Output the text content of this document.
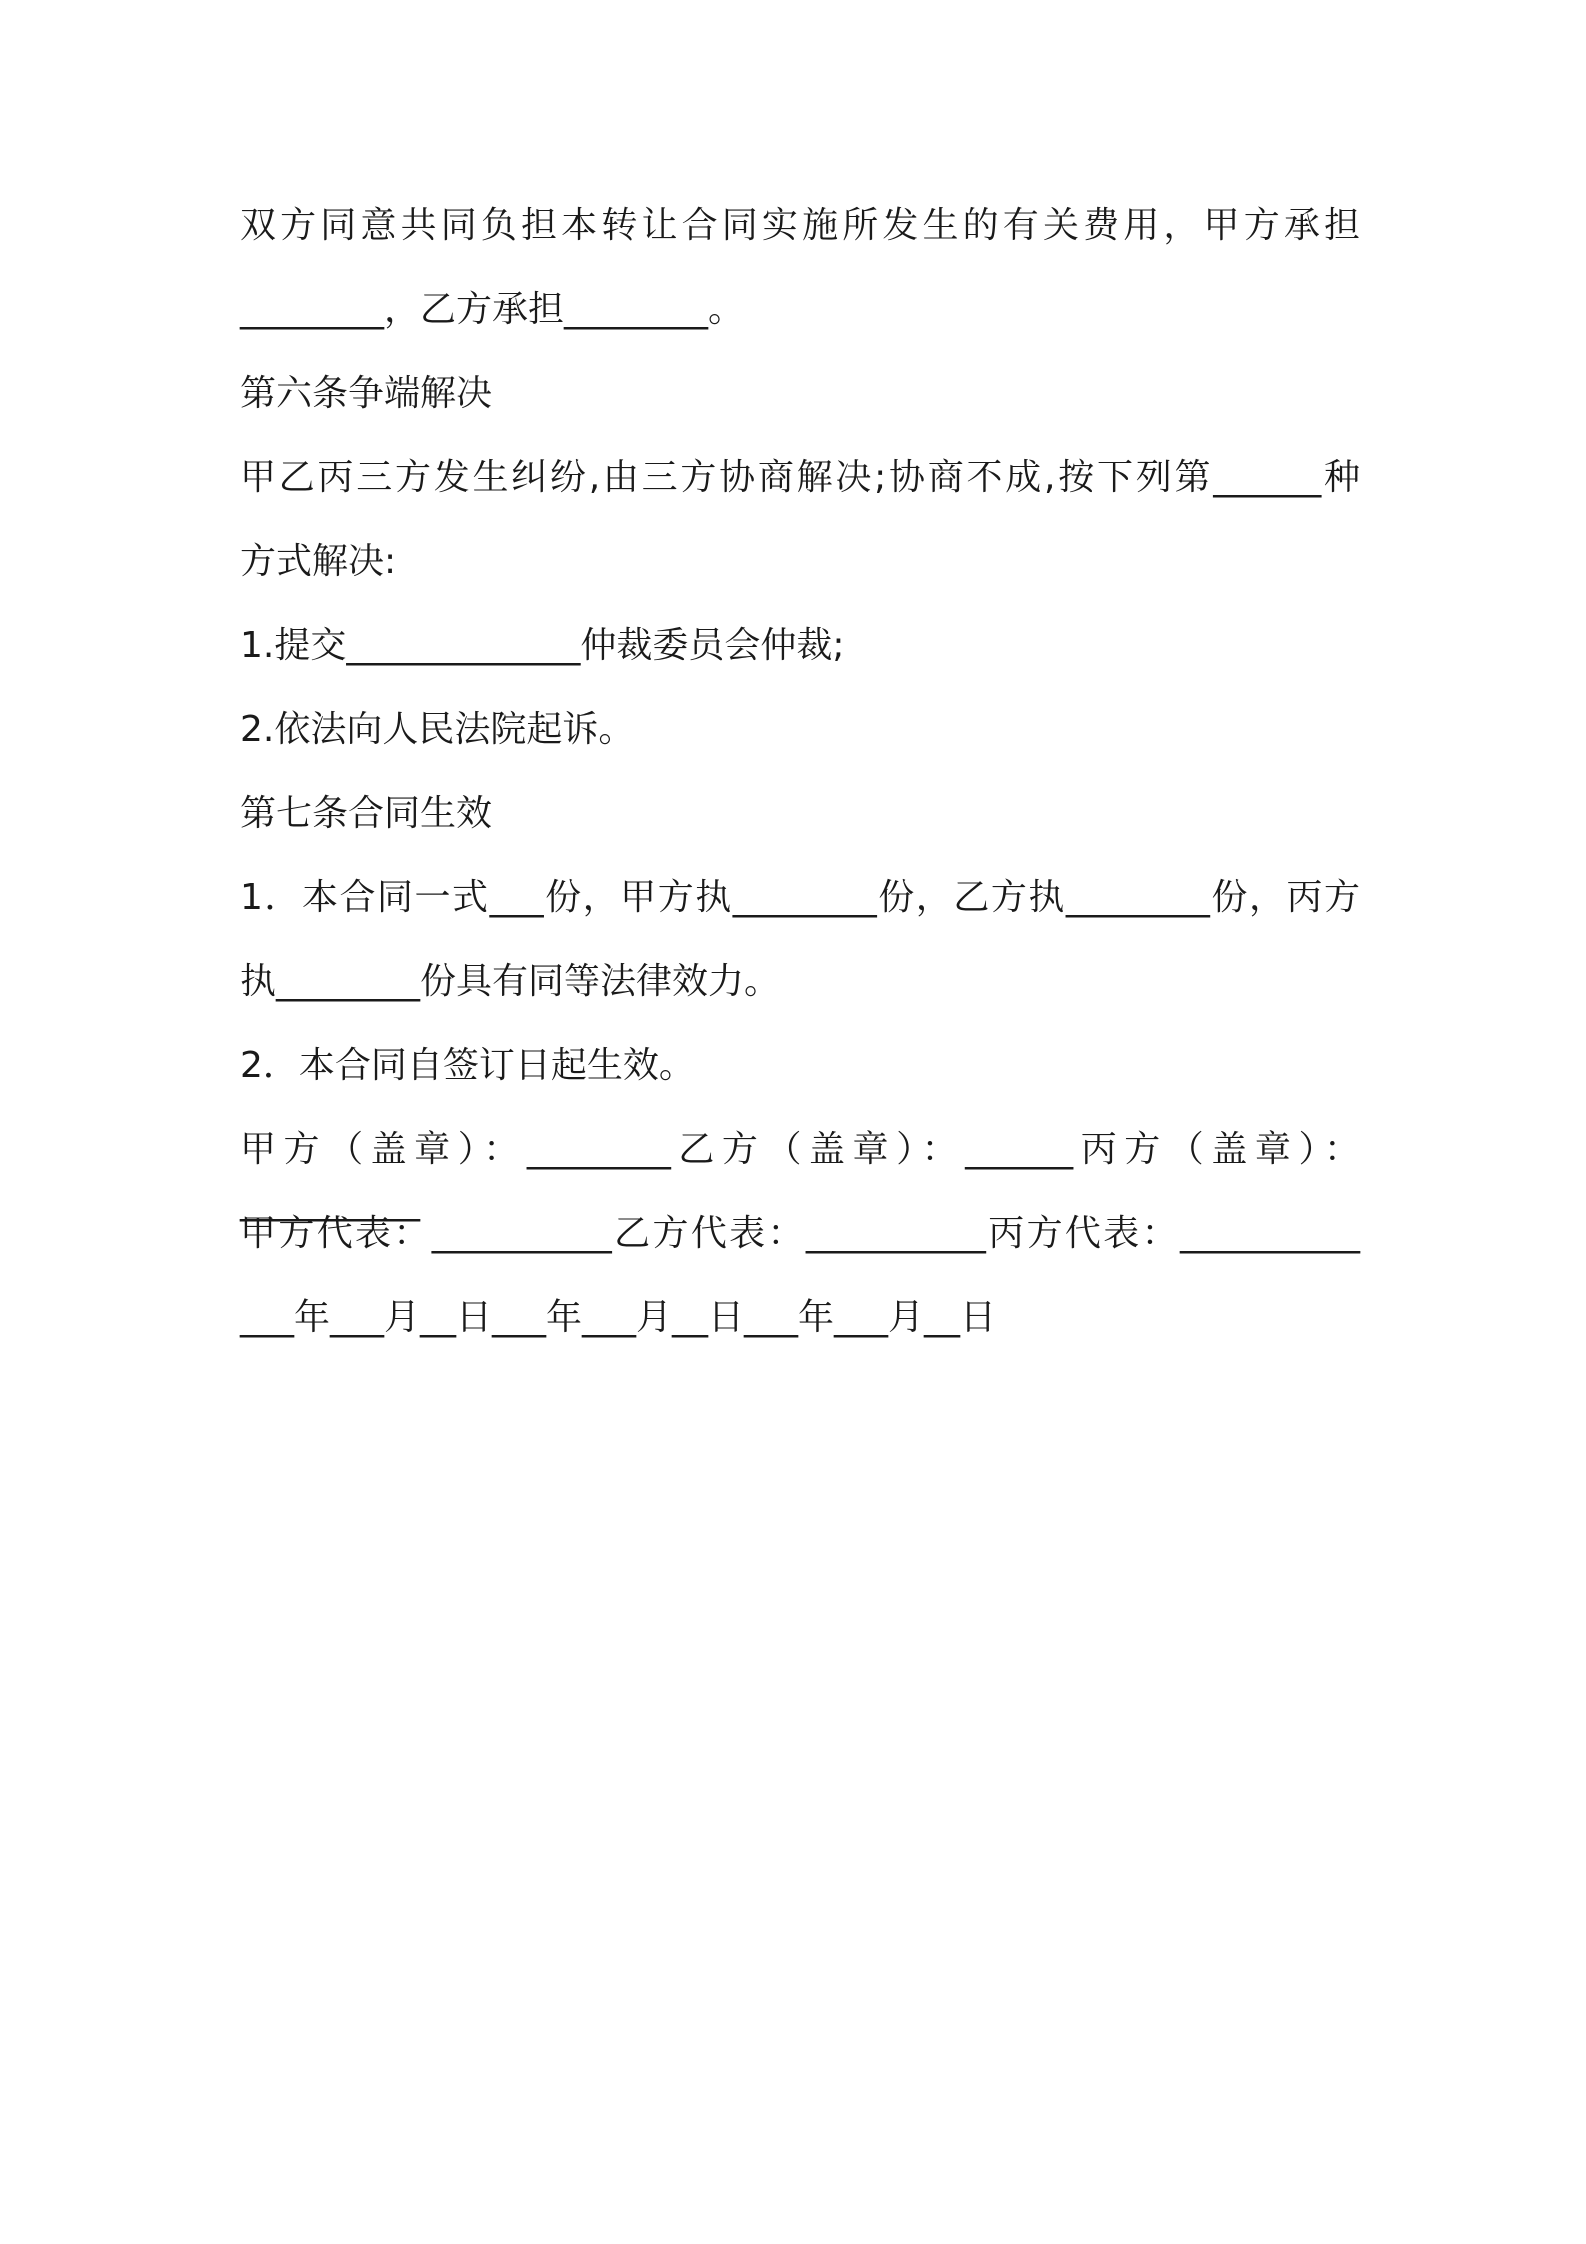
双方同意共同负担本转让合同实施所发生的有关费用，甲方承担
________，乙方承担________。
第六条争端解决
甲乙丙三方发生纠纷,由三方协商解决;协商不成,按下列第______种
方式解决:
1.提交_____________仲裁委员会仲裁;
2.依法向人民法院起诉。
第七条合同生效
1．本合同一式___份，甲方执________份，乙方执________份，丙方
执________份具有同等法律效力。
2．本合同自签订日起生效。
甲方（盖章）：________乙方（盖章）：______丙方（盖章）：__________
甲方代表：__________乙方代表：__________丙方代表：__________
___年___月__日___年___月__日___年___月__日
